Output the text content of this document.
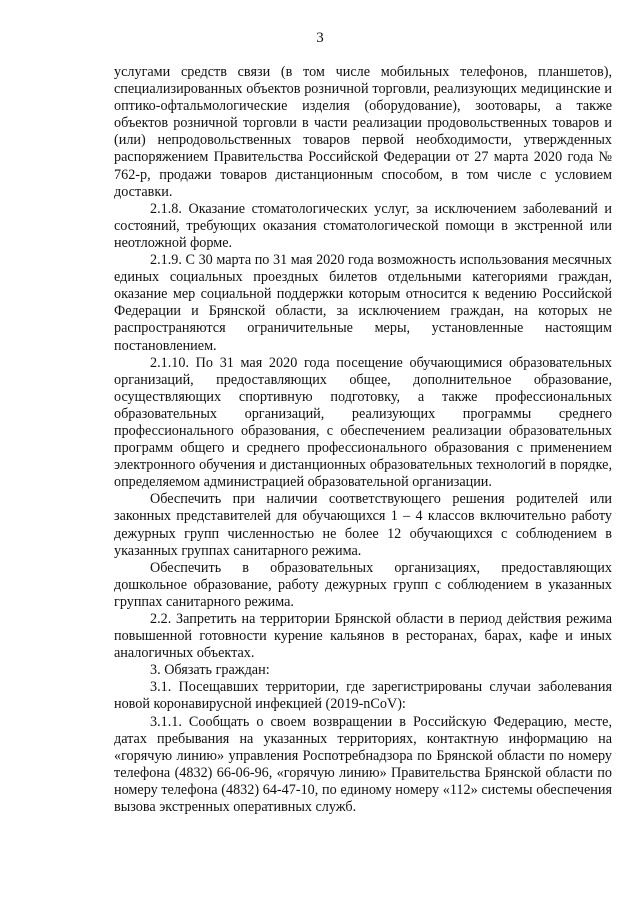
3

услугами средств связи (в том числе мобильных телефонов, планшетов), специализированных объектов розничной торговли, реализующих медицинские и оптико-офтальмологические изделия (оборудование), зоотовары, а также объектов розничной торговли в части реализации продовольственных товаров и (или) непродовольственных товаров первой необходимости, утвержденных распоряжением Правительства Российской Федерации от 27 марта 2020 года № 762-р, продажи товаров дистанционным способом, в том числе с условием доставки.

2.1.8. Оказание стоматологических услуг, за исключением заболеваний и состояний, требующих оказания стоматологической помощи в экстренной или неотложной форме.

2.1.9. С 30 марта по 31 мая 2020 года возможность использования месячных единых социальных проездных билетов отдельными категориями граждан, оказание мер социальной поддержки которым относится к ведению Российской Федерации и Брянской области, за исключением граждан, на которых не распространяются ограничительные меры, установленные настоящим постановлением.

2.1.10. По 31 мая 2020 года посещение обучающимися образовательных организаций, предоставляющих общее, дополнительное образование, осуществляющих спортивную подготовку, а также профессиональных образовательных организаций, реализующих программы среднего профессионального образования, с обеспечением реализации образовательных программ общего и среднего профессионального образования с применением электронного обучения и дистанционных образовательных технологий в порядке, определяемом администрацией образовательной организации.

Обеспечить при наличии соответствующего решения родителей или законных представителей для обучающихся 1 – 4 классов включительно работу дежурных групп численностью не более 12 обучающихся с соблюдением в указанных группах санитарного режима.

Обеспечить в образовательных организациях, предоставляющих дошкольное образование, работу дежурных групп с соблюдением в указанных группах санитарного режима.

2.2. Запретить на территории Брянской области в период действия режима повышенной готовности курение кальянов в ресторанах, барах, кафе и иных аналогичных объектах.

3. Обязать граждан:

3.1. Посещавших территории, где зарегистрированы случаи заболевания новой коронавирусной инфекцией (2019-nCoV):

3.1.1. Сообщать о своем возвращении в Российскую Федерацию, месте, датах пребывания на указанных территориях, контактную информацию на «горячую линию» управления Роспотребнадзора по Брянской области по номеру телефона (4832) 66-06-96, «горячую линию» Правительства Брянской области по номеру телефона (4832) 64-47-10, по единому номеру «112» системы обеспечения вызова экстренных оперативных служб.
